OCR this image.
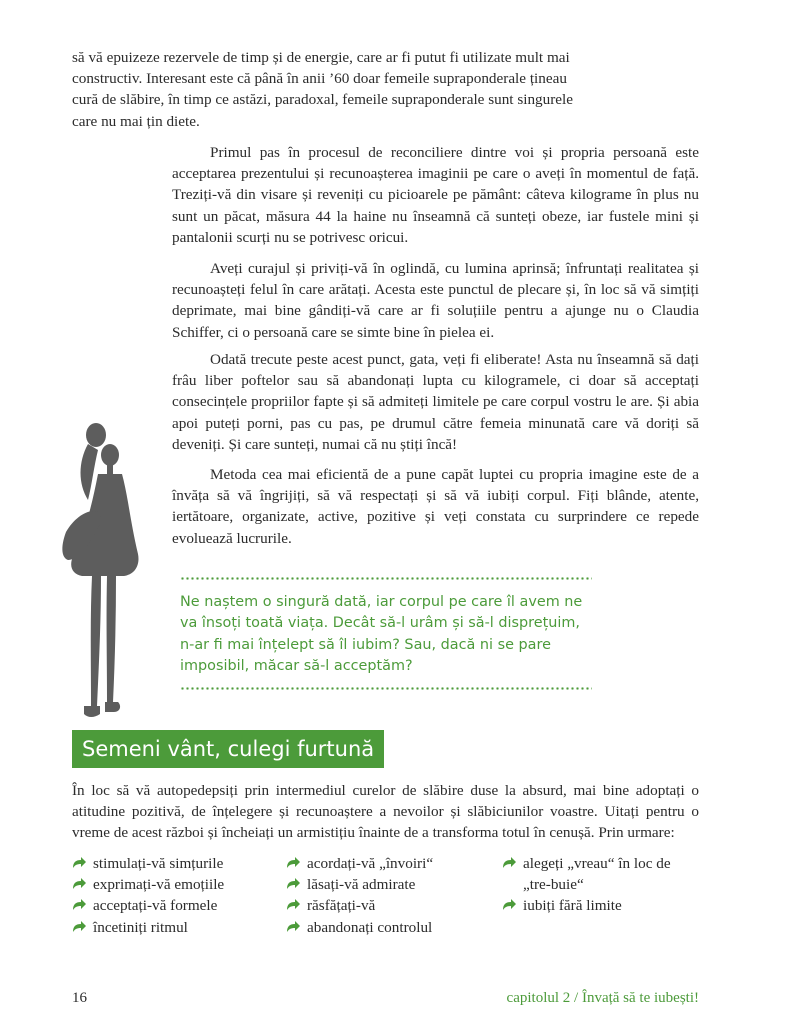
să vă epuizeze rezervele de timp și de energie, care ar fi putut fi utilizate mult mai
constructiv. Interesant este că până în anii ’60 doar femeile supraponderale țineau
cură de slăbire, în timp ce astăzi, paradoxal, femeile supraponderale sunt singurele
care nu mai țin diete.

Primul pas în procesul de reconciliere dintre voi și propria persoană este acceptarea prezentului și recunoașterea imaginii pe care o aveți în momentul de față. Treziți-vă din visare și reveniți cu picioarele pe pământ: câteva kilograme în plus nu sunt un păcat, măsura 44 la haine nu înseamnă că sunteți obeze, iar fustele mini și pantalonii scurți nu se potrivesc oricui.

Aveți curajul și priviți-vă în oglindă, cu lumina aprinsă; înfruntați realitatea și recunoașteți felul în care arătați. Acesta este punctul de plecare și, în loc să vă simțiți deprimate, mai bine gândiți-vă care ar fi soluțiile pentru a ajunge nu o Claudia Schiffer, ci o persoană care se simte bine în pielea ei.

Odată trecute peste acest punct, gata, veți fi eliberate! Asta nu înseamnă să dați frâu liber poftelor sau să abandonați lupta cu kilogramele, ci doar să acceptați consecințele propriilor fapte și să admiteți limitele pe care corpul vostru le are. Și abia apoi puteți porni, pas cu pas, pe drumul către femeia minunată care vă doriți să deveniți. Și care sunteți, numai că nu știți încă!

Metoda cea mai eficientă de a pune capăt luptei cu propria imagine este de a învăța să vă îngrijiți, să vă respectați și să vă iubiți corpul. Fiți blânde, atente, iertătoare, organizate, active, pozitive și veți constata cu surprindere ce repede evoluează lucrurile.

Ne naștem o singură dată, iar corpul pe care îl avem ne va însoți toată viața. Decât să-l urâm și să-l disprețuim, n-ar fi mai înțelept să îl iubim? Sau, dacă ni se pare imposibil, măcar să-l acceptăm?

Semeni vânt, culegi furtună

În loc să vă autopedepsiți prin intermediul curelor de slăbire duse la absurd, mai bine adoptați o atitudine pozitivă, de înțelegere și recunoaștere a nevoilor și slăbiciunilor voastre. Uitați pentru o vreme de acest război și încheiați un armistițiu înainte de a transforma totul în cenușă. Prin urmare:

stimulați-vă simțurile
exprimați-vă emoțiile
acceptați-vă formele
încetiniți ritmul
acordați-vă „învoiri“
lăsați-vă admirate
răsfățați-vă
abandonați controlul
alegeți „vreau“ în loc de „tre-buie“
iubiți fără limite

16	capitolul 2 / Învață să te iubești!
